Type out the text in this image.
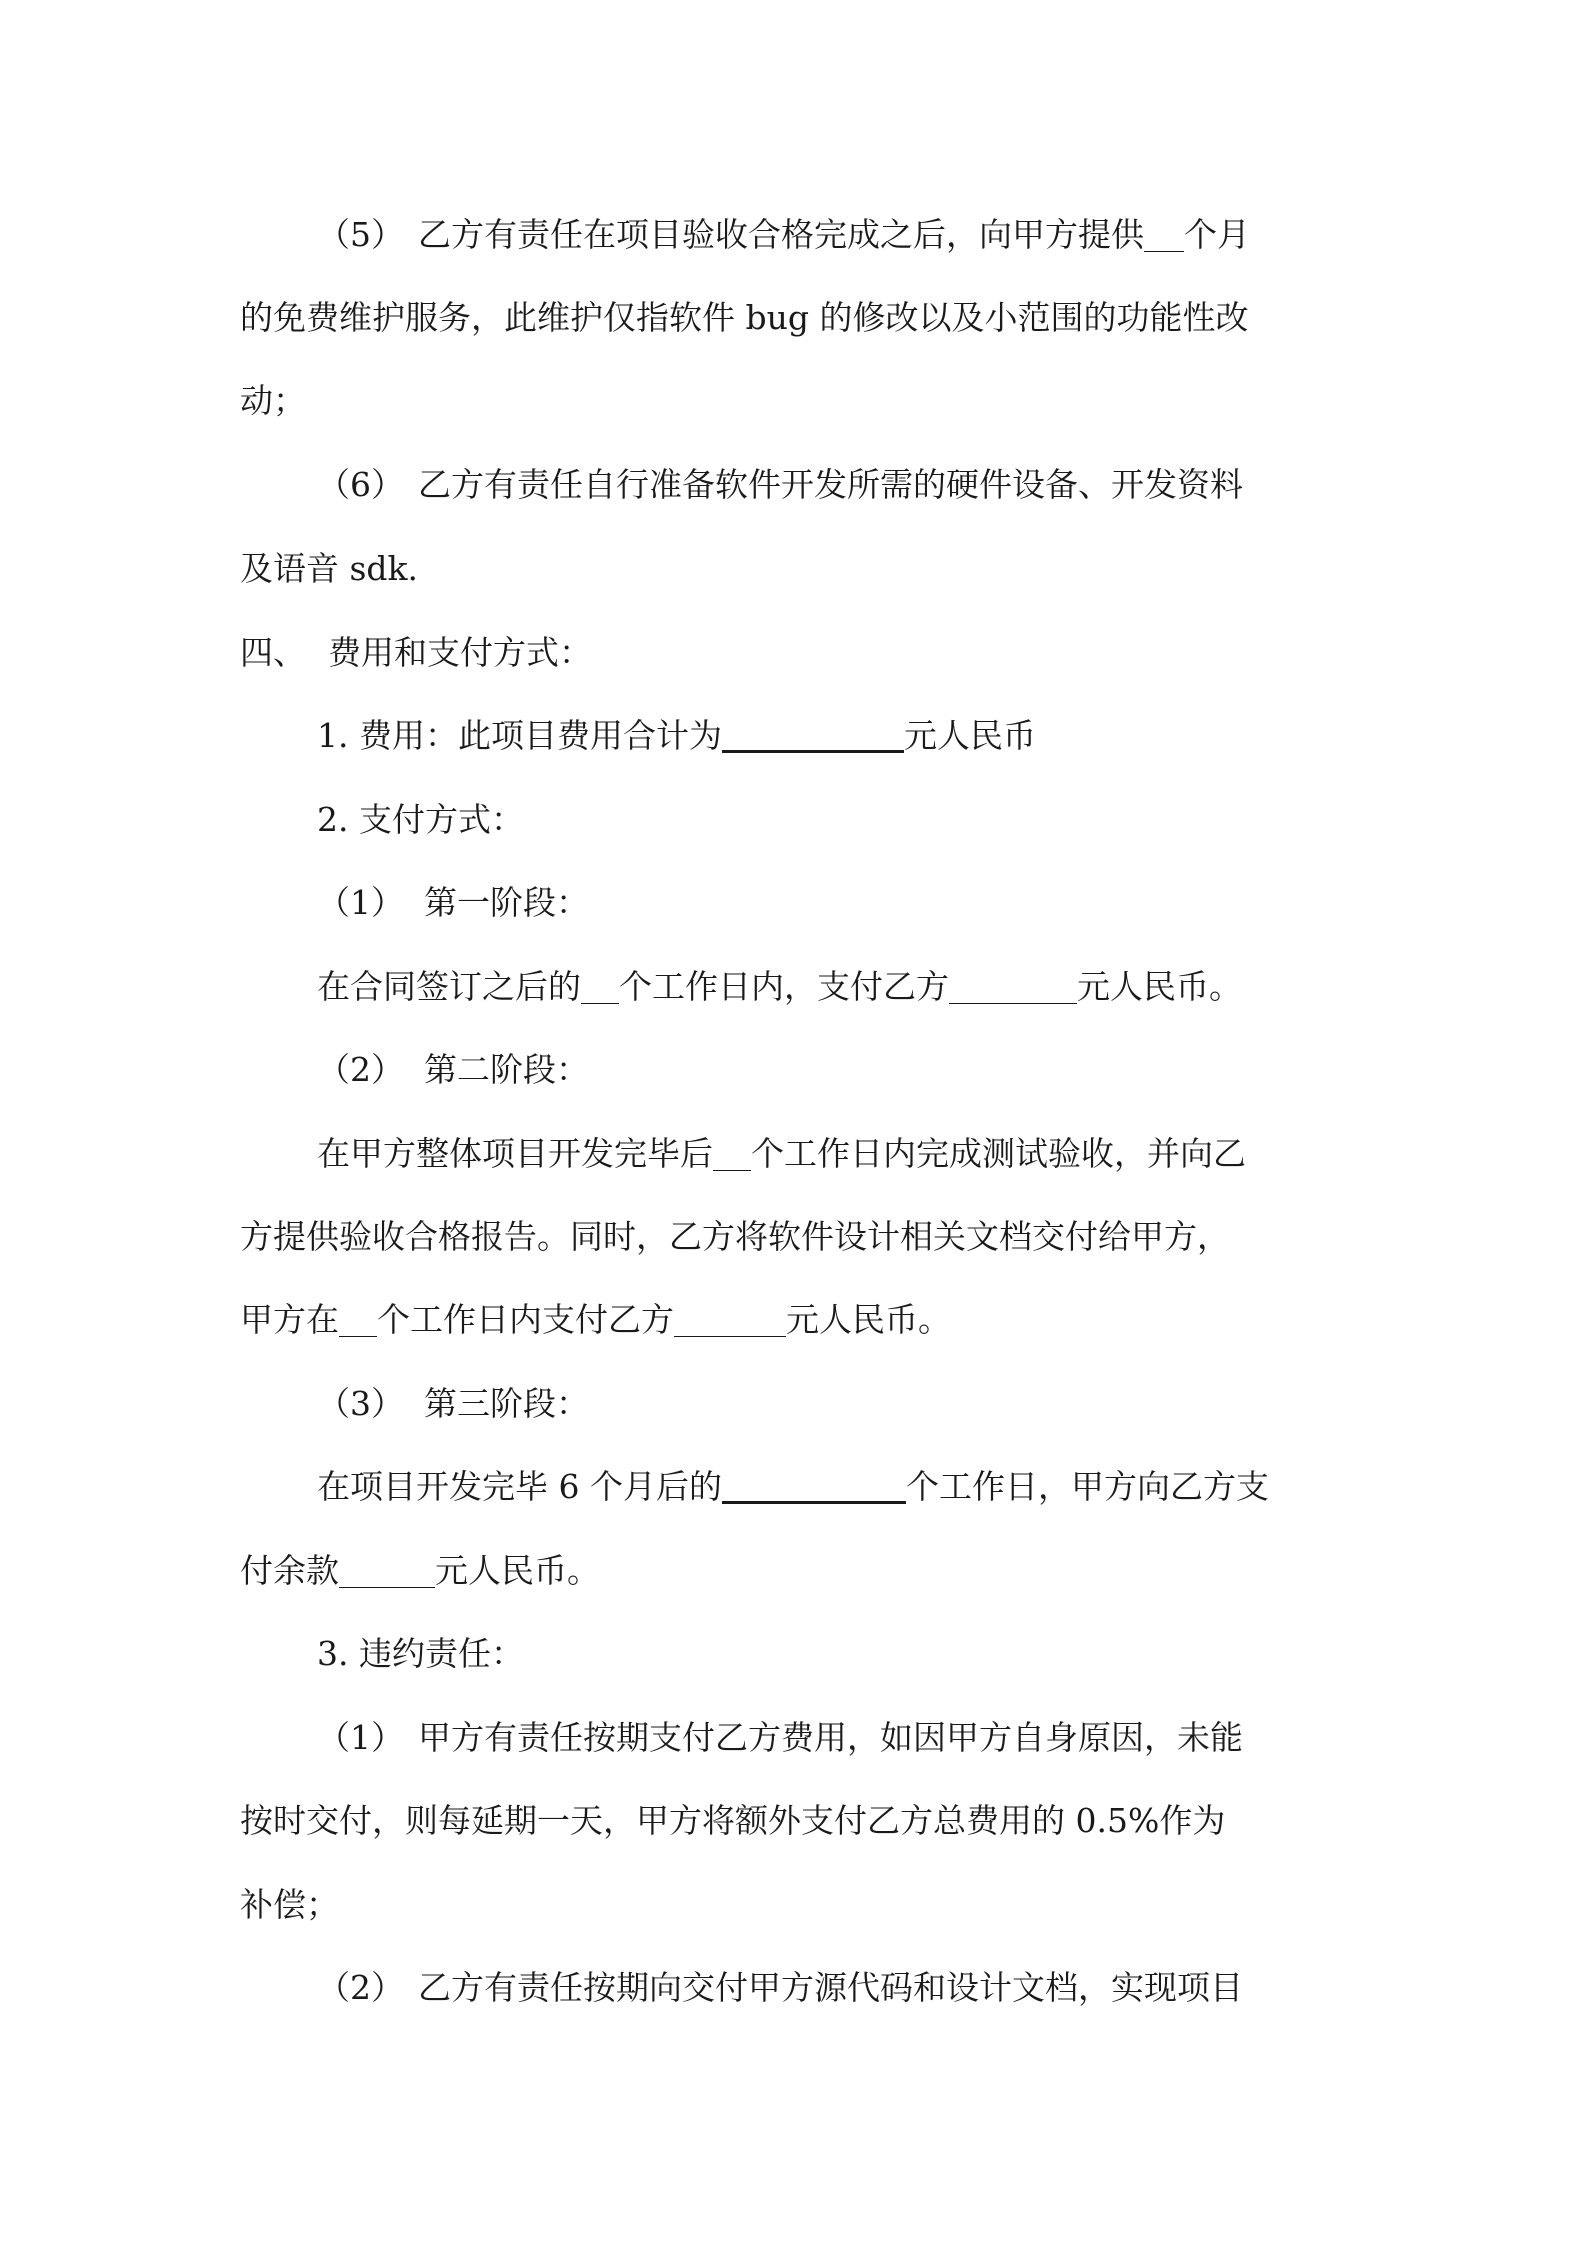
（5） 乙方有责任在项目验收合格完成之后，向甲方提供 个月
的免费维护服务，此维护仅指软件 bug 的修改以及小范围的功能性改
动；
（6） 乙方有责任自行准备软件开发所需的硬件设备、开发资料
及语音 sdk.
四、 费用和支付方式：
1. 费用：此项目费用合计为	元人民币
2. 支付方式：
（1） 第一阶段：
在合同签订之后的 个工作日内，支付乙方	元人民币。
（2） 第二阶段：
在甲方整体项目开发完毕后 个工作日内完成测试验收，并向乙
方提供验收合格报告。同时，乙方将软件设计相关文档交付给甲方，
甲方在 个工作日内支付乙方	元人民币。
（3） 第三阶段：
在项目开发完毕 6 个月后的	个工作日，甲方向乙方支
付余款	元人民币。
3. 违约责任：
（1） 甲方有责任按期支付乙方费用，如因甲方自身原因，未能
按时交付，则每延期一天，甲方将额外支付乙方总费用的 0.5%作为
补偿；
（2） 乙方有责任按期向交付甲方源代码和设计文档，实现项目
